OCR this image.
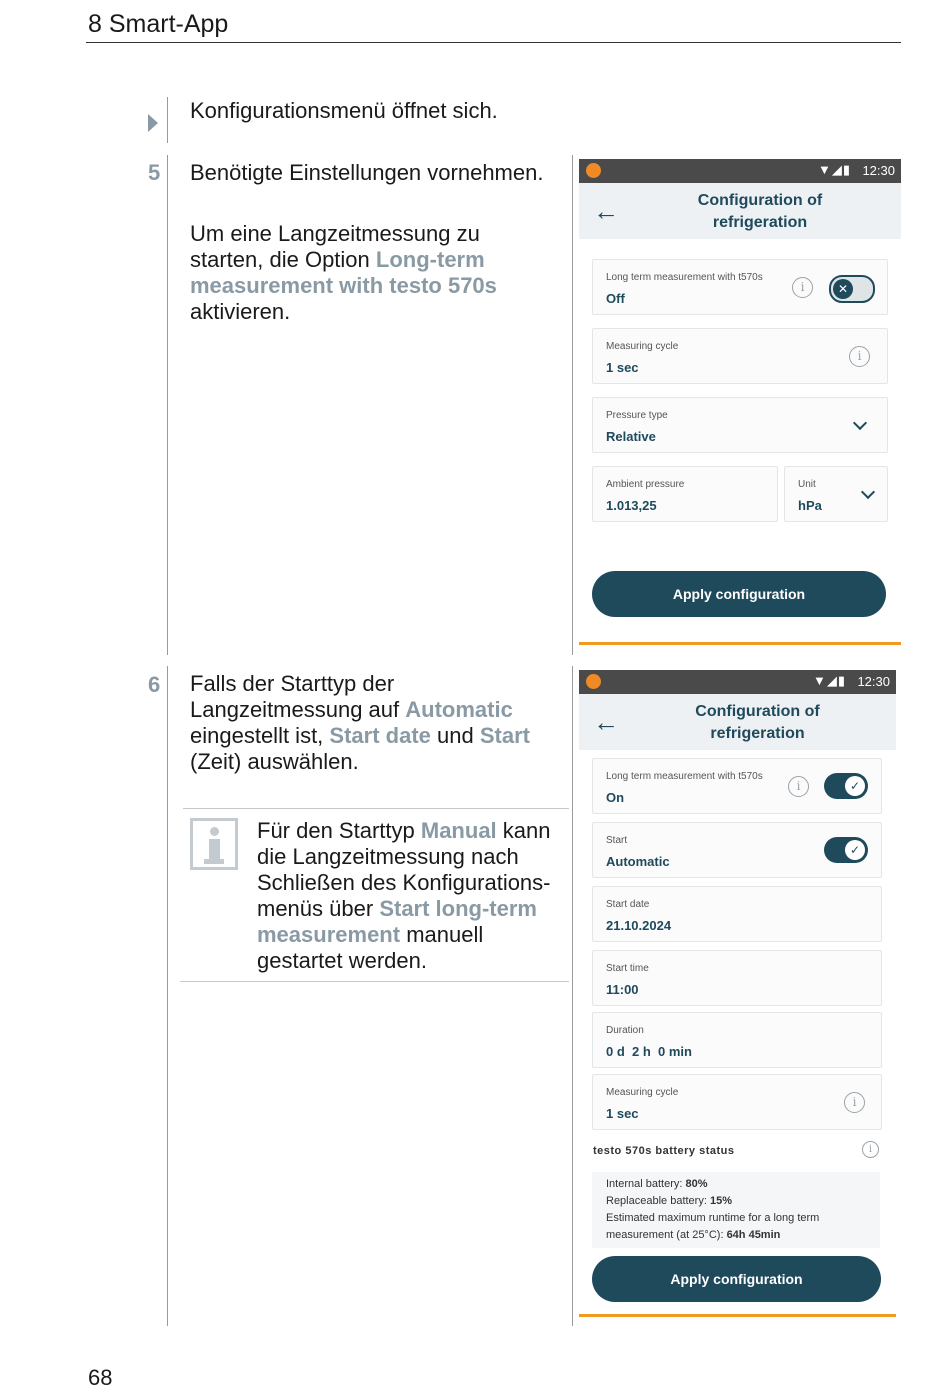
8 Smart-App
Konfigurationsmenü öffnet sich.
5 Benötigte Einstellungen vornehmen.
Um eine Langzeitmessung zu
starten, die Option Long-term
measurement with testo 570s
aktivieren.
▼◢▮ 12:30
←	Configuration of
refrigeration
Long term measurement with t570s
Off
i	✕
Measuring cycle
1 sec
i
Pressure type
Relative
Ambient pressure
1.013,25
Unit
hPa
Apply configuration
6 Falls der Starttyp der
Langzeitmessung auf Automatic
eingestellt ist, Start date und Start
(Zeit) auswählen.
Für den Starttyp Manual kann
die Langzeitmessung nach
Schließen des Konfigurations-
menüs über Start long-term
measurement manuell
gestartet werden.
▼◢▮ 12:30
←	Configuration of
refrigeration
Long term measurement with t570s
On
i	✓
Start
Automatic
✓
Start date
21.10.2024
Start time
11:00
Duration
0 d  2 h  0 min
Measuring cycle
1 sec
i
testo 570s battery status	i
Internal battery: 80%
Replaceable battery: 15%
Estimated maximum runtime for a long term
measurement (at 25°C): 64h 45min
Apply configuration
68
